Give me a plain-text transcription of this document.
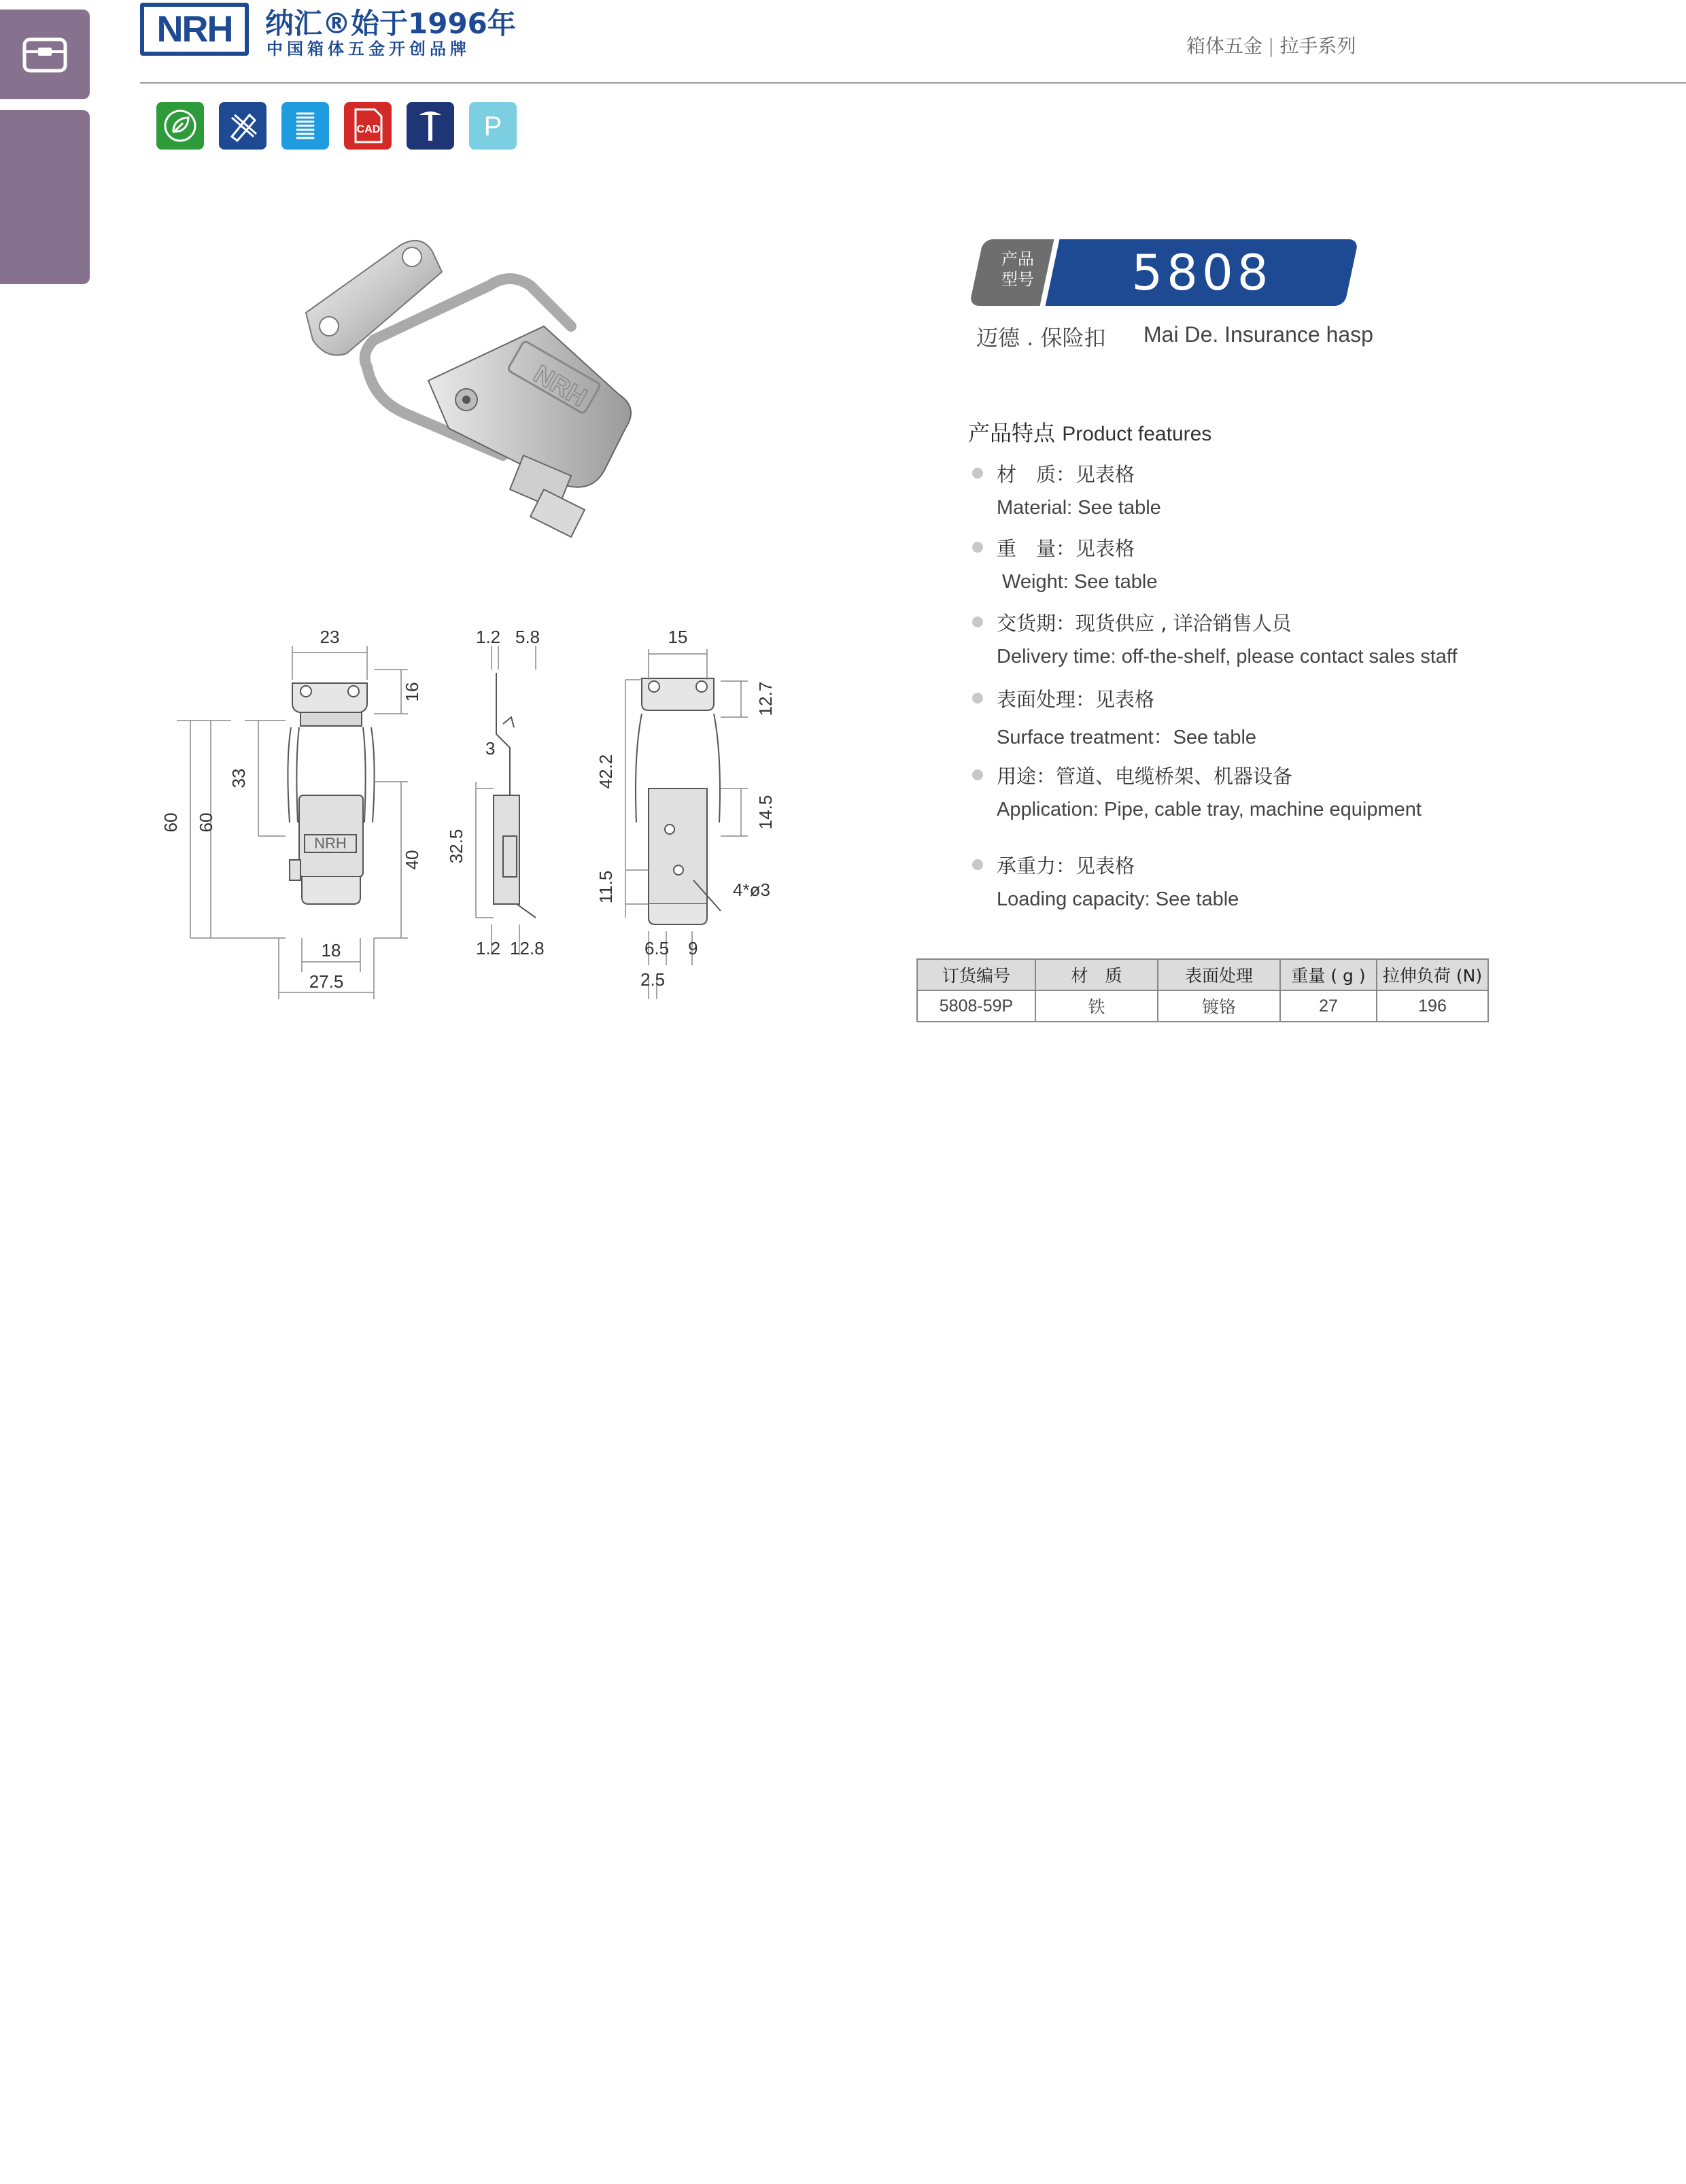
NRH	纳汇®始于1996年
中国箱体五金开创品牌	箱体五金 | 拉手系列
CAD	P
NRH
产品型号	5808
迈德 . 保险扣 Mai De. Insurance hasp
产品特点 Product features
材　质：见表格
Material: See table
重　量：见表格
Weight: See table
交货期：现货供应 , 详洽销售人员
Delivery time: off-the-shelf, please contact sales staff
表面处理：见表格
Surface treatment：See table
用途：管道、电缆桥架、机器设备
Application: Pipe, cable tray, machine equipment
承重力：见表格
Loading capacity: See table
订货编号	材　质	表面处理	重量 ( g )	拉伸负荷 (N)
5808-59P	铁	镀铬	27	196
NRH
23
16
33
60 60
40
18
27.5
1.2 5.8
3
32.5
1.2 12.8
15
12.7
42.2
14.5
11.5	4*ø3
6.5 9
2.5
